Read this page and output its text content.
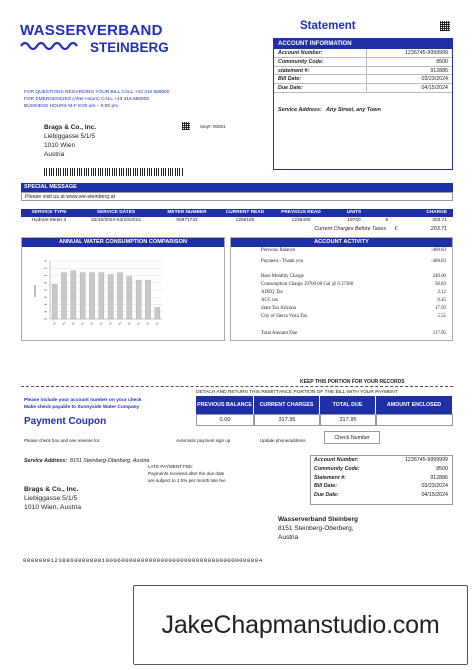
WASSERVERBAND
STEINBERG
FOR QUESTIONS REGARDING YOUR BILL CALL +43 316 586000
FOR EMERGENCIES (After Hours) CALL +43 316 586000
BUSINESS HOURS M-F 8:00 am – 5:00 pm
Brags & Co., Inc.
Liebiggasse 5/1/5
1010 Wien
Austria
Seq#: 00001
Statement
ACCOUNT INFORMATION
Account Number:	1236745-9999999
Community Code:	8500
statement #:	912886
Bill Date:	03/23/2024
Due Date:	04/15/2024
Service Address: Any Street, any Town
SPECIAL MESSAGE
Please visit us at www.we-steinberg.at
SERVICE TYPE	SERVICE DATES	METER NUMBER	CURRENT READ	PREVIOUS READ	UNITS	CHARGE
Hydrant Meter 3	02/10/2024-03/10/2024	60871732	1256100	1236400	19700	€	203.71
Current Charges Before Taxes	€	203.71
ANNUAL WATER CONSUMPTION COMPARISON	ACCOUNT ACTIVITY
Previous Balance	-400.83
Payment - Thank you	-400.83
Base Monthly Charge	240.00
Consumption Charge 19700.00 Gal @ 0.27300	58.83
ADEQ Tax	2.12
ACC tax	0.45
State Tax Arizona	17.93
City of Sierra Vista Tax	5.55
Total Amount Due	317.95
KEEP THIS PORTION FOR YOUR RECORDS
DETACH AND RETURN THIS REMITTANCE PORTION OF THE BILL WITH YOUR PAYMENT
Please include your account number on your check
Make check payable to Sunnyside Water Company
Payment Coupon
Please check box and see reverse for:	Automatic payment sign up	Update phone/address
PREVIOUS BALANCE	CURRENT CHARGES	TOTAL DUE	AMOUNT ENCLOSED
0.00	317.95	317.95
Check Number
Service Address: 8151 Steinberg-Oberberg, Austria
LATE PAYMENT FEE:
Payments received after the due date
are subject to 1.5% per month late fee
Brags & Co., Inc.
Liebiggasse 5/1/5
1010 Wien, Austria
Account Number:	1236745-9999999
Community Code:	8500
Statement #:	912886
Bill Date:	03/23/2024
Due Date:	04/15/2024
Wasserverband Steinberg
8151 Steinberg-Oberberg,
Austria
0000009123886000000010006000000000000000000000000000000000004
JakeChapmanstudio.com
